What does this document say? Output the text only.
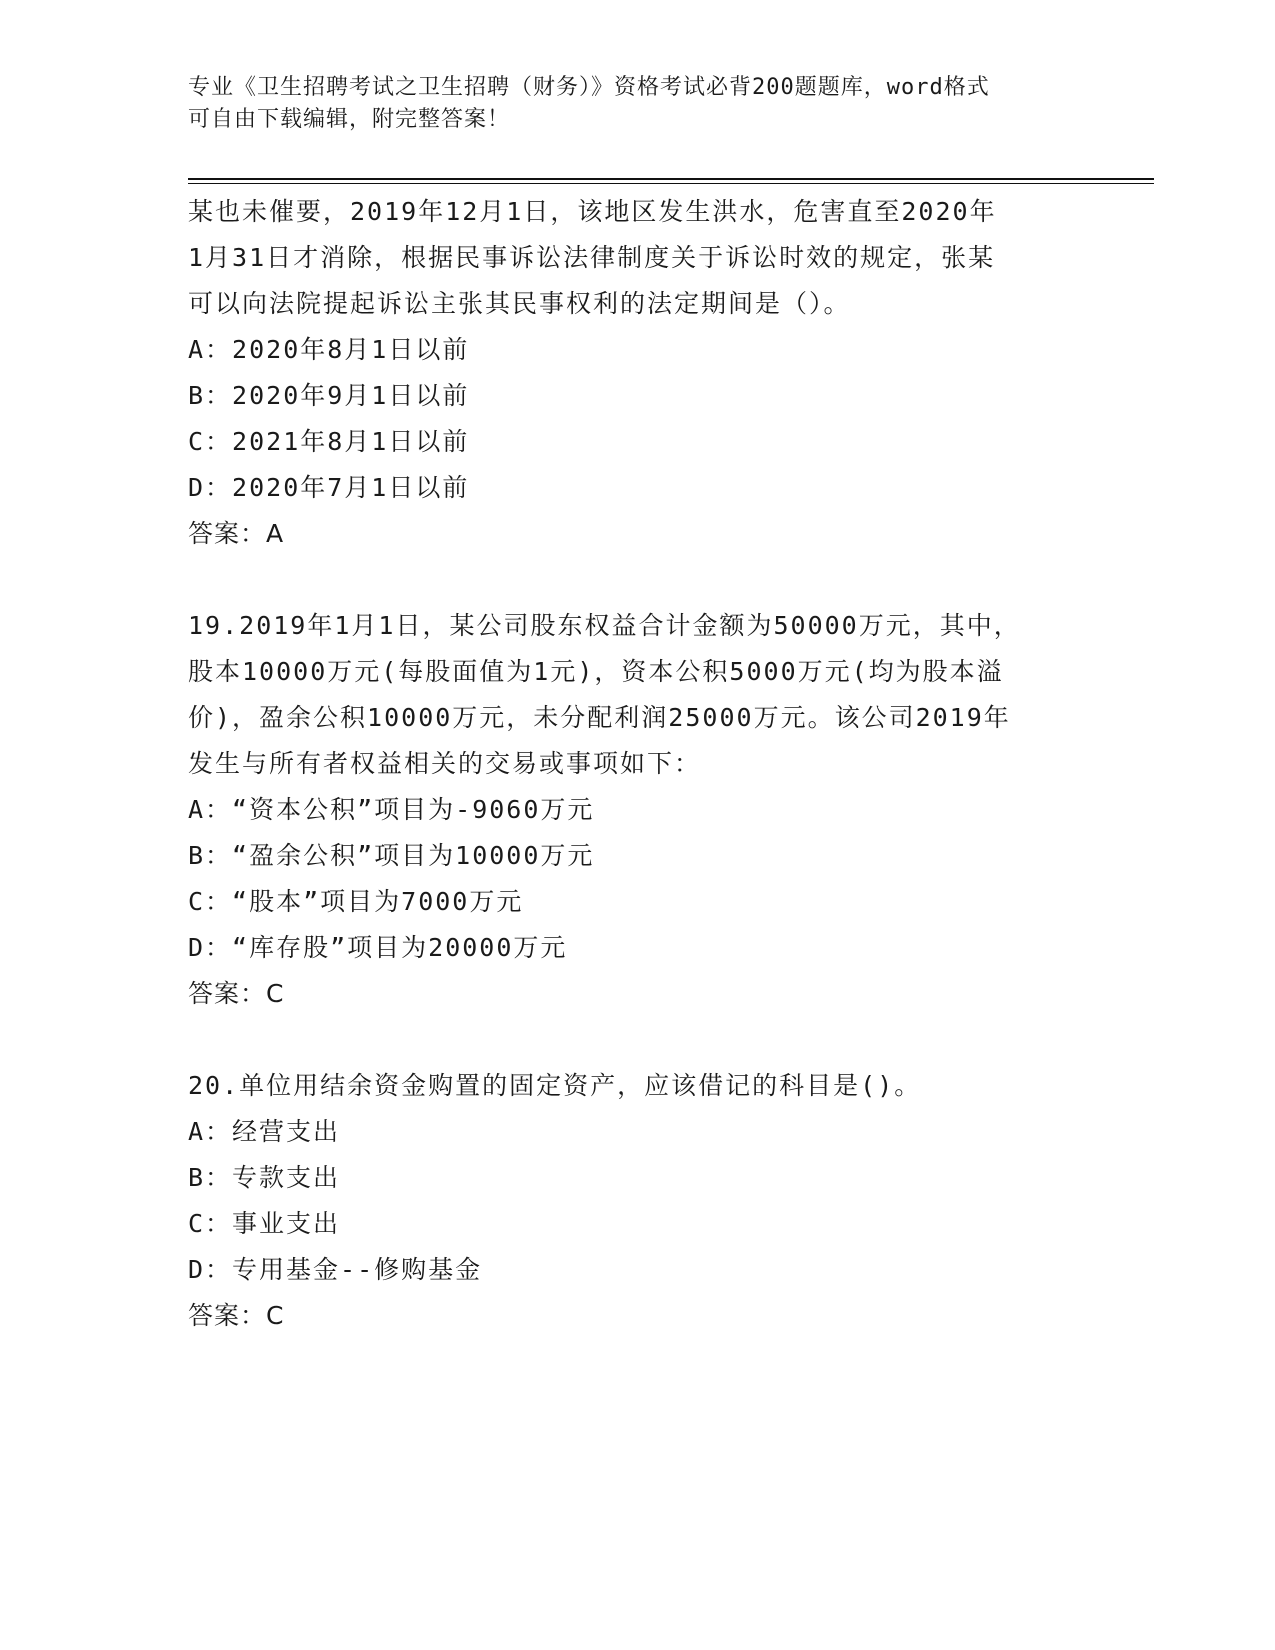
专业《卫生招聘考试之卫生招聘（财务）》资格考试必背200题题库，word格式
可自由下载编辑，附完整答案！
某也未催要，2019年12月1日，该地区发生洪水，危害直至2020年
1月31日才消除，根据民事诉讼法律制度关于诉讼时效的规定，张某
可以向法院提起诉讼主张其民事权利的法定期间是（）。
A：2020年8月1日以前
B：2020年9月1日以前
C：2021年8月1日以前
D：2020年7月1日以前
答案：A
19.2019年1月1日，某公司股东权益合计金额为50000万元，其中，
股本10000万元(每股面值为1元)，资本公积5000万元(均为股本溢
价)，盈余公积10000万元，未分配利润25000万元。该公司2019年
发生与所有者权益相关的交易或事项如下：
A：“资本公积”项目为-9060万元
B：“盈余公积”项目为10000万元
C：“股本”项目为7000万元
D：“库存股”项目为20000万元
答案：C
20.单位用结余资金购置的固定资产，应该借记的科目是()。
A：经营支出
B：专款支出
C：事业支出
D：专用基金--修购基金
答案：C
